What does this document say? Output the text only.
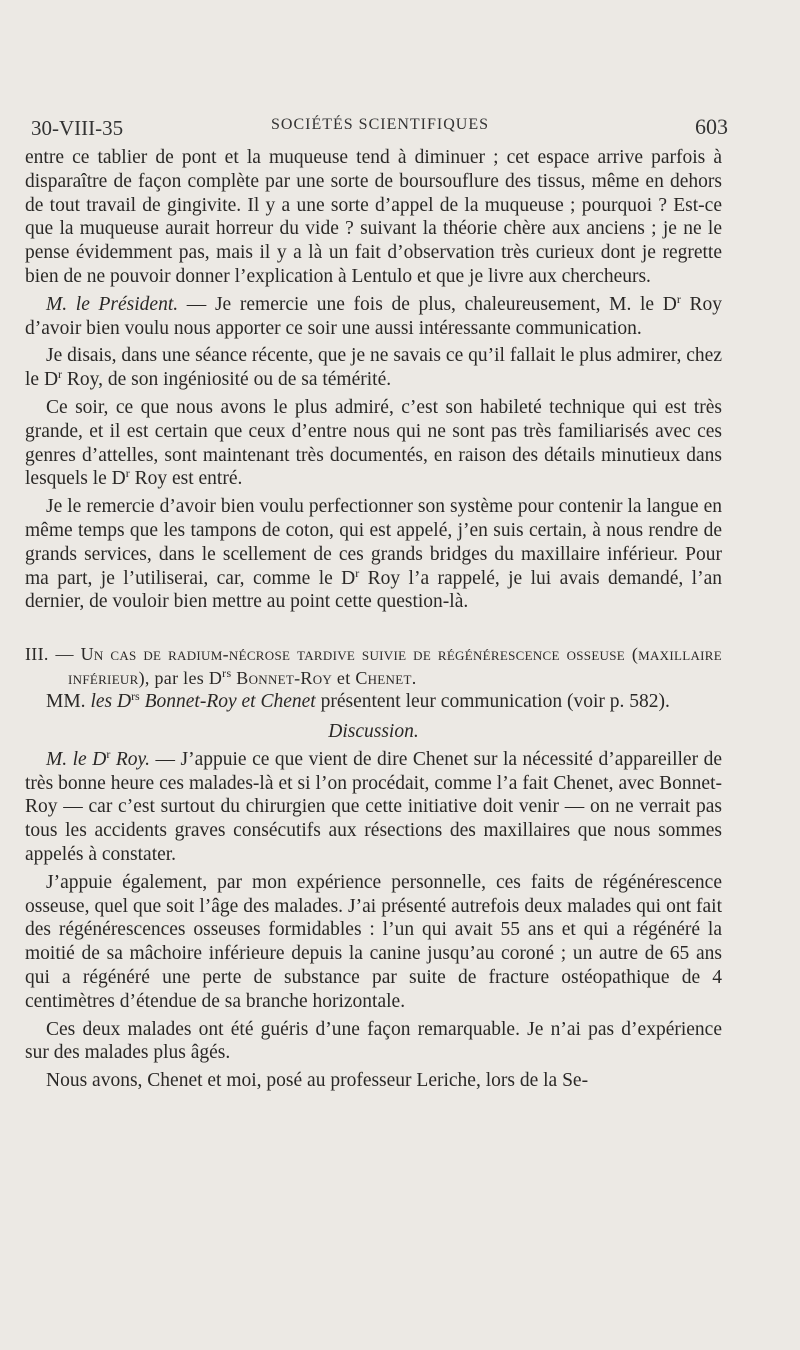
30-VIII-35	SOCIÉTÉS SCIENTIFIQUES	603

entre ce tablier de pont et la muqueuse tend à diminuer ; cet espace arrive parfois à disparaître de façon complète par une sorte de boursouflure des tissus, même en dehors de tout travail de gingivite. Il y a une sorte d’appel de la muqueuse ; pourquoi ? Est-ce que la muqueuse aurait horreur du vide ? suivant la théorie chère aux anciens ; je ne le pense évidemment pas, mais il y a là un fait d’observation très curieux dont je regrette bien de ne pouvoir donner l’explication à Lentulo et que je livre aux chercheurs.

M. le Président. — Je remercie une fois de plus, chaleureusement, M. le $D^r$ Roy d’avoir bien voulu nous apporter ce soir une aussi intéressante communication.

Je disais, dans une séance récente, que je ne savais ce qu’il fallait le plus admirer, chez le $D^r$ Roy, de son ingéniosité ou de sa témérité.

Ce soir, ce que nous avons le plus admiré, c’est son habileté technique qui est très grande, et il est certain que ceux d’entre nous qui ne sont pas très familiarisés avec ces genres d’attelles, sont maintenant très documentés, en raison des détails minutieux dans lesquels le $D^r$ Roy est entré.

Je le remercie d’avoir bien voulu perfectionner son système pour contenir la langue en même temps que les tampons de coton, qui est appelé, j’en suis certain, à nous rendre de grands services, dans le scellement de ces grands bridges du maxillaire inférieur. Pour ma part, je l’utiliserai, car, comme le $D^r$ Roy l’a rappelé, je lui avais demandé, l’an dernier, de vouloir bien mettre au point cette question-là.

III. — Un cas de radium-nécrose tardive suivie de régénérescence osseuse (maxillaire inférieur), par les $D^{rs}$ Bonnet-Roy et Chenet.

MM. les $D^{rs}$ Bonnet-Roy et Chenet présentent leur communication (voir p. 582).

Discussion.

M. le $D^r$ Roy. — J’appuie ce que vient de dire Chenet sur la nécessité d’appareiller de très bonne heure ces malades-là et si l’on procédait, comme l’a fait Chenet, avec Bonnet-Roy — car c’est surtout du chirurgien que cette initiative doit venir — on ne verrait pas tous les accidents graves consécutifs aux résections des maxillaires que nous sommes appelés à constater.

J’appuie également, par mon expérience personnelle, ces faits de régénérescence osseuse, quel que soit l’âge des malades. J’ai présenté autrefois deux malades qui ont fait des régénérescences osseuses formidables : l’un qui avait 55 ans et qui a régénéré la moitié de sa mâchoire inférieure depuis la canine jusqu’au coroné ; un autre de 65 ans qui a régénéré une perte de substance par suite de fracture ostéopathique de 4 centimètres d’étendue de sa branche horizontale.

Ces deux malades ont été guéris d’une façon remarquable. Je n’ai pas d’expérience sur des malades plus âgés.

Nous avons, Chenet et moi, posé au professeur Leriche, lors de la Se-
